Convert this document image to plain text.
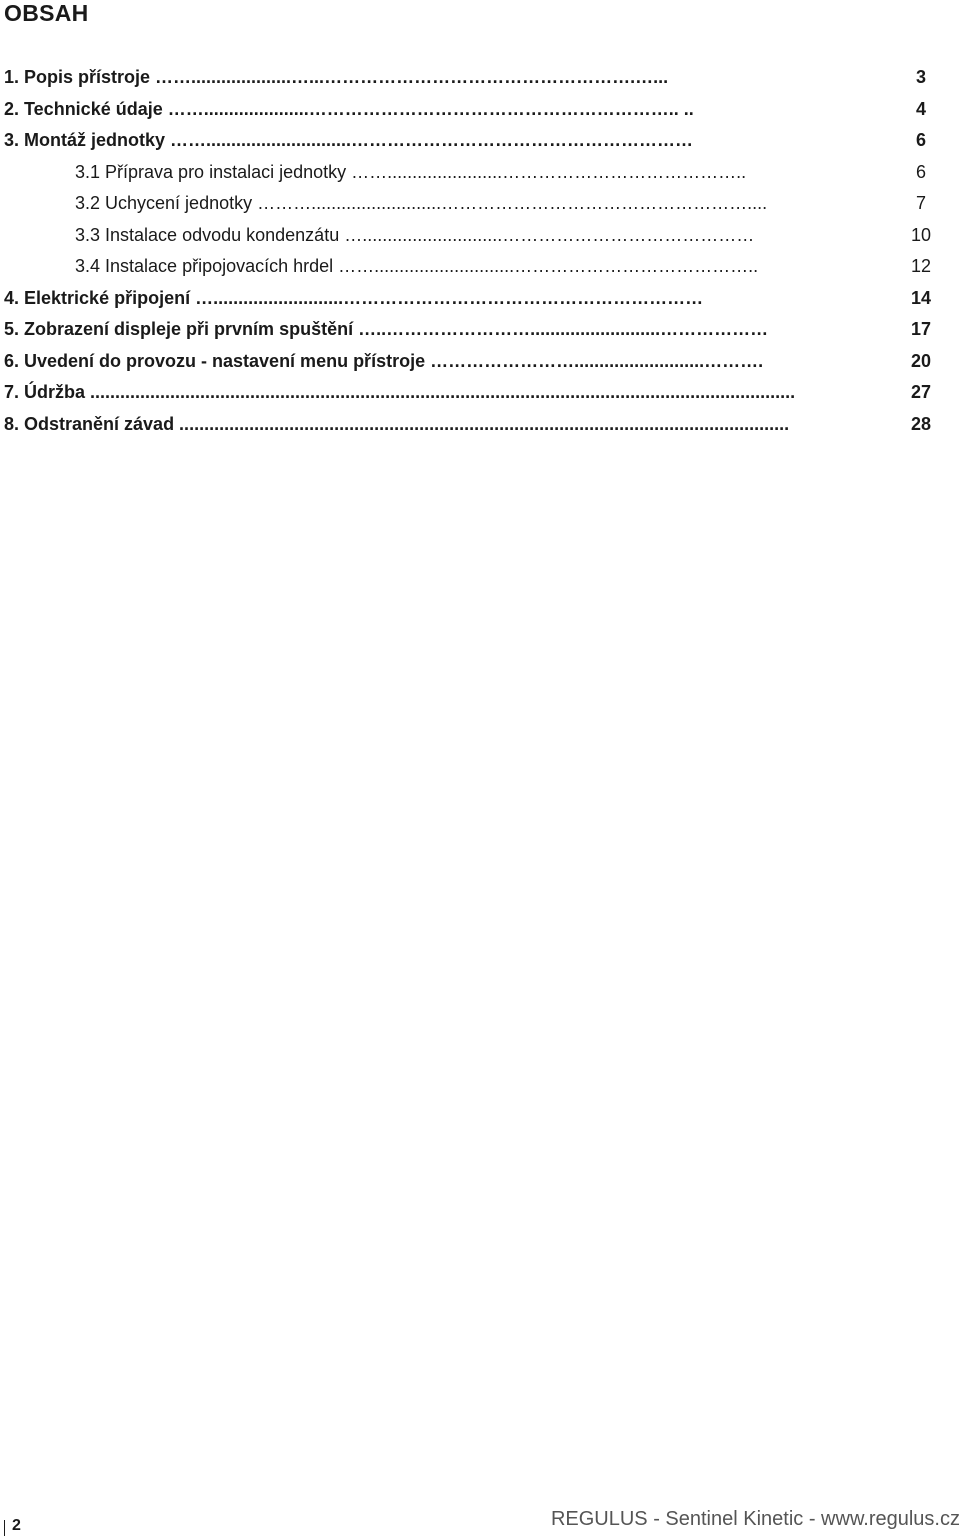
OBSAH
1. Popis přístroje ……....................…...…………………………………………….…...	3
2. Technické údaje …….....................…………………………………………………….. ..	4
3. Montáž jednotky …….............................…………………………………………………	6
3.1 Příprava pro instalaci jednotky …….......................…………………………………..	6
3.2 Uchycení jednotky ………..........................……………………………………………....	7
3.3 Instalace odvodu kondenzátu …............................……………………………………	10
3.4 Instalace připojovacích hrdel ……............................…………………………………..	12
4. Elektrické připojení …..........................……………………………………………………	14
5. Zobrazení displeje při prvním spuštění …..……………………..........................………………	17
6. Uvedení do provozu - nastavení menu přístroje ……………………..........................……….	20
7. Údržba .............................................................................................................................................	27
8. Odstranění závad ..........................................................................................................................	28
2	REGULUS - Sentinel Kinetic - www.regulus.cz
